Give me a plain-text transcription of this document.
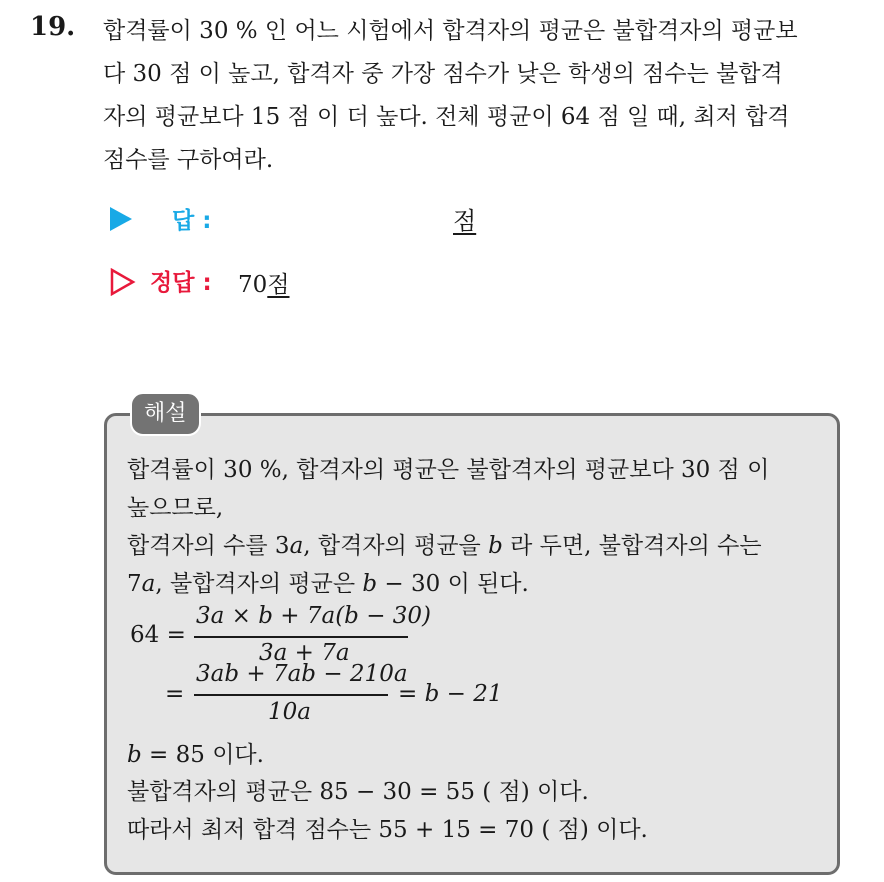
19. 합격률이 30 % 인 어느 시험에서 합격자의 평균은 불합격자의 평균보
다 30 점 이 높고, 합격자 중 가장 점수가 낮은 학생의 점수는 불합격
자의 평균보다 15 점 이 더 높다. 전체 평균이 64 점 일 때, 최저 합격
점수를 구하여라.
답 :	점
정답 : 70점
해설
합격률이 30 %, 합격자의 평균은 불합격자의 평균보다 30 점 이
높으므로,
합격자의 수를 3a, 합격자의 평균을 b 라 두면, 불합격자의 수는
7a, 불합격자의 평균은 b − 30 이 된다.
64 =
3a × b + 7a(b − 30)
3a + 7a
=
3ab + 7ab − 210a
10a
= b − 21
b = 85 이다.
불합격자의 평균은 85 − 30 = 55 ( 점) 이다.
따라서 최저 합격 점수는 55 + 15 = 70 ( 점) 이다.
